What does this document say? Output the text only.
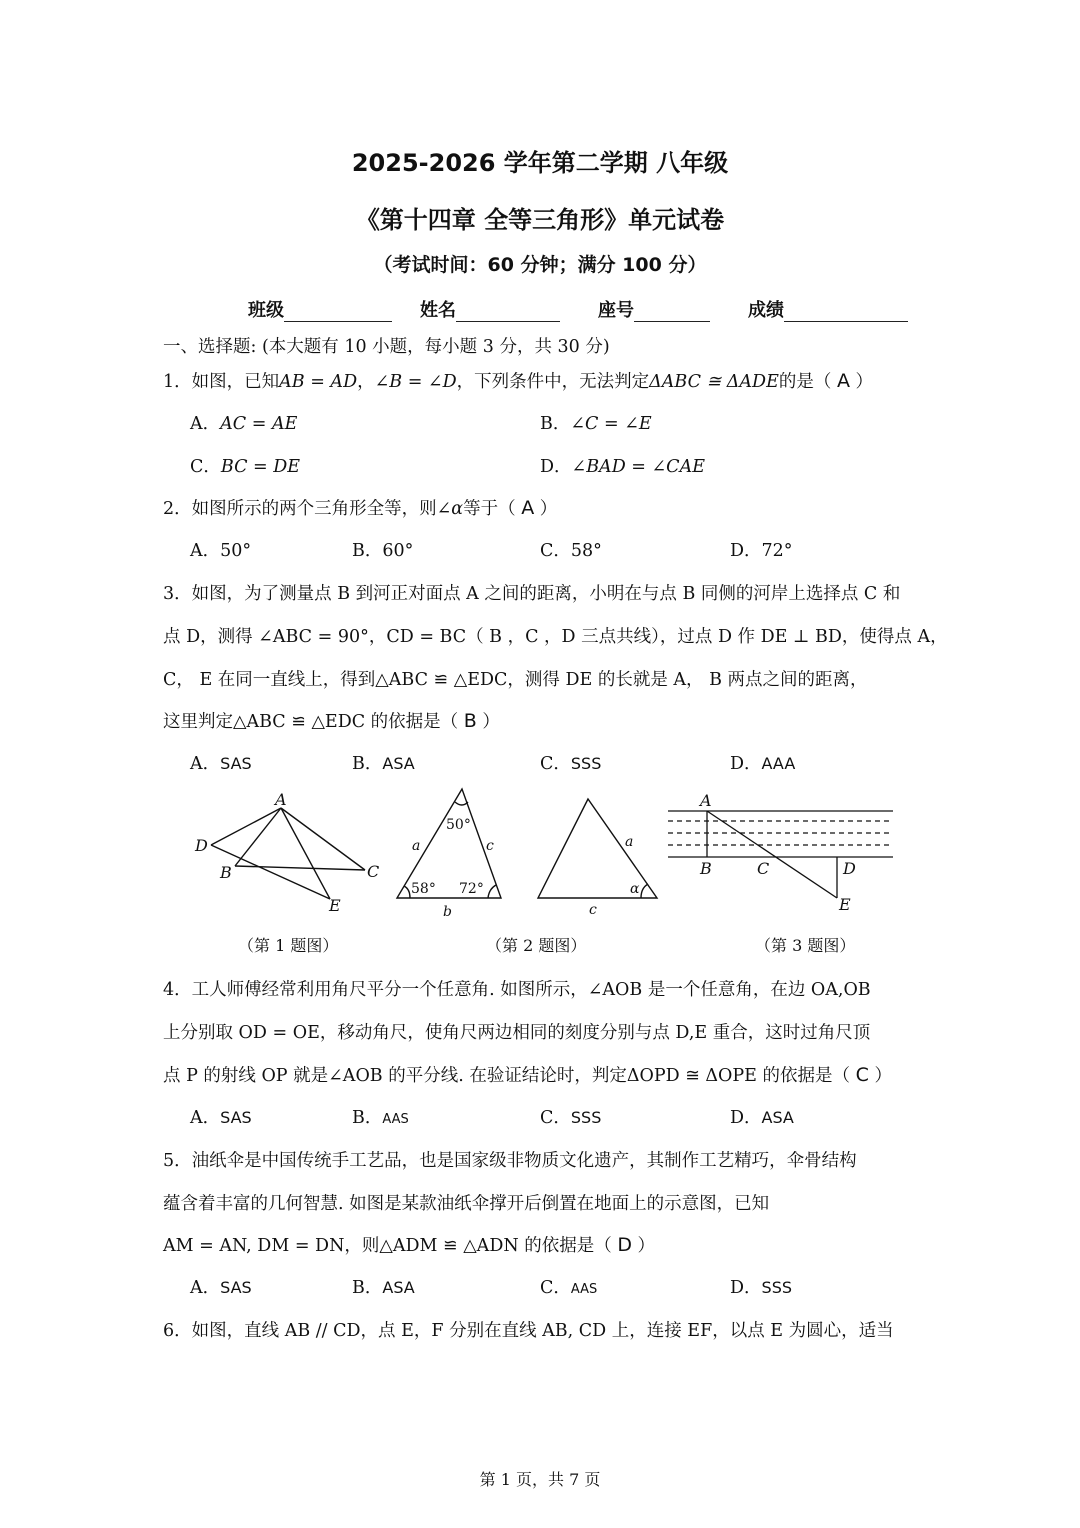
2025-2026 学年第二学期 八年级
《第十四章 全等三角形》单元试卷
（考试时间：60 分钟；满分 100 分）
班级	姓名	座号	成绩
一、选择题: (本大题有 10 小题，每小题 3 分，共 30 分)
1．如图，已知AB = AD，∠B = ∠D，下列条件中，无法判定ΔABC ≅ ΔADE的是（ A ）
A．AC = AE	B．∠C = ∠E
C．BC = DE	D．∠BAD = ∠CAE
2．如图所示的两个三角形全等，则∠α等于（ A ）
A．50°	B．60°	C．58°	D．72°
3．如图，为了测量点 B 到河正对面点 A 之间的距离，小明在与点 B 同侧的河岸上选择点 C 和
点 D，测得 ∠ABC = 90°，CD = BC（ B ，C ，D 三点共线），过点 D 作 DE ⊥ BD，使得点 A，
C， E 在同一直线上，得到△ABC ≌ △EDC，测得 DE 的长就是 A， B 两点之间的距离，
这里判定△ABC ≌ △EDC 的依据是（ B ）
A．SAS	B．ASA	C．SSS	D．AAA
A
D
B	C
E
50°
a	c
58° 72°
b
a
α
c
A
B	C	D
E
（第 1 题图）	（第 2 题图）	（第 3 题图）
4．工人师傅经常利用角尺平分一个任意角. 如图所示，∠AOB 是一个任意角，在边 OA,OB
上分别取 OD = OE，移动角尺，使角尺两边相同的刻度分别与点 D,E 重合，这时过角尺顶
点 P 的射线 OP 就是∠AOB 的平分线. 在验证结论时，判定ΔOPD ≅ ΔOPE 的依据是（ C ）
A．SAS	B．AAS	C．SSS	D．ASA
5．油纸伞是中国传统手工艺品，也是国家级非物质文化遗产，其制作工艺精巧，伞骨结构
蕴含着丰富的几何智慧. 如图是某款油纸伞撑开后倒置在地面上的示意图，已知
AM = AN, DM = DN，则△ADM ≌ △ADN 的依据是（ D ）
A．SAS	B．ASA	C．AAS	D．SSS
6．如图，直线 AB // CD，点 E，F 分别在直线 AB, CD 上，连接 EF，以点 E 为圆心，适当
第 1 页，共 7 页
